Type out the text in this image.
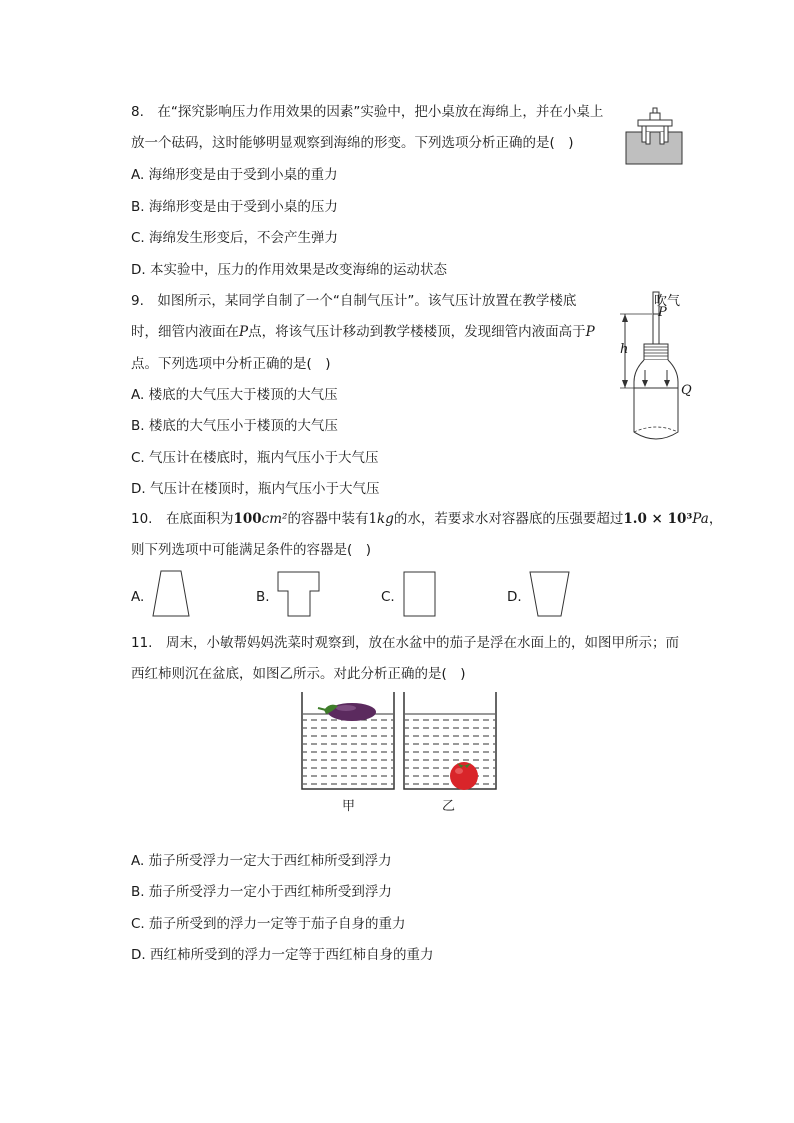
8.　在“探究影响压力作用效果的因素”实验中，把小桌放在海绵上，并在小桌上
放一个砝码，这时能够明显观察到海绵的形变。下列选项分析正确的是(　)
A. 海绵形变是由于受到小桌的重力
B. 海绵形变是由于受到小桌的压力
C. 海绵发生形变后，不会产生弹力
D. 本实验中，压力的作用效果是改变海绵的运动状态
9.　如图所示，某同学自制了一个“自制气压计”。该气压计放置在教学楼底
时，细管内液面在P点，将该气压计移动到教学楼楼顶，发现细管内液面高于P
点。下列选项中分析正确的是(　)
A. 楼底的大气压大于楼顶的大气压
B. 楼底的大气压小于楼顶的大气压
C. 气压计在楼底时，瓶内气压小于大气压
D. 气压计在楼顶时，瓶内气压小于大气压
吹气
P
h
Q
10.　在底面积为100cm²的容器中装有1kg的水，若要求水对容器底的压强要超过1.0 × 10³Pa，
则下列选项中可能满足条件的容器是(　)
A.	B.	C.	D.
11.　周末，小敏帮妈妈洗菜时观察到，放在水盆中的茄子是浮在水面上的，如图甲所示；而
西红柿则沉在盆底，如图乙所示。对此分析正确的是(　)
甲	乙
A. 茄子所受浮力一定大于西红柿所受到浮力
B. 茄子所受浮力一定小于西红柿所受到浮力
C. 茄子所受到的浮力一定等于茄子自身的重力
D. 西红柿所受到的浮力一定等于西红柿自身的重力
